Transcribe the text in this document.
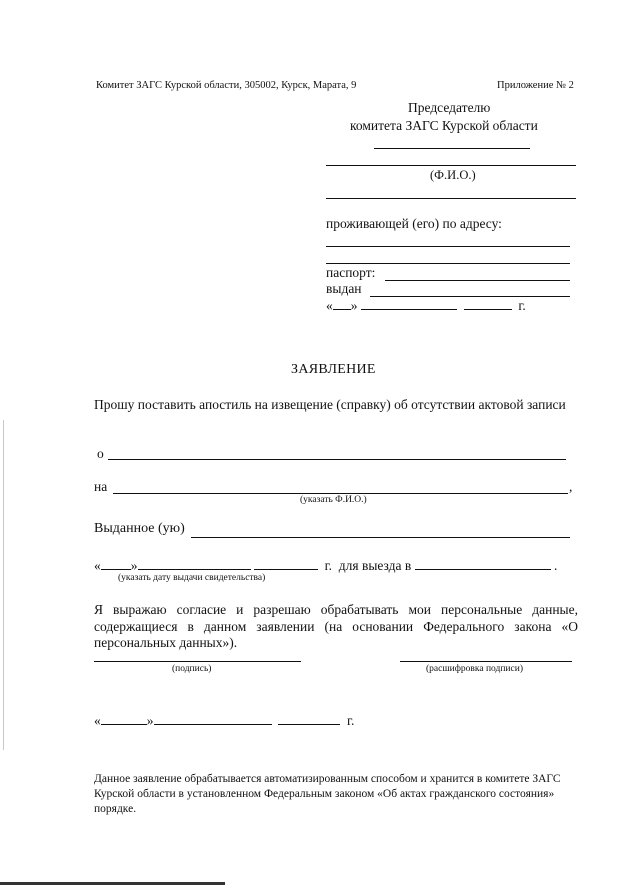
Комитет ЗАГС Курской области, 305002, Курск, Марата, 9	Приложение № 2
Председателю
комитета ЗАГС Курской области
(Ф.И.О.)
проживающей (его) по адресу:
паспорт:
выдан
« »	г.
ЗАЯВЛЕНИЕ
Прошу поставить апостиль на извещение (справку) об отсутствии актовой записи
о
на	,
(указать Ф.И.О.)
Выданное (ую)
« »	г. для выезда в	.
(указать дату выдачи свидетельства)
Я выражаю согласие и разрешаю обрабатывать мои персональные данные, содержащиеся в данном заявлении (на основании Федерального закона «О персональных данных»).
(подпись)	(расшифровка подписи)
«	»	г.
Данное заявление обрабатывается автоматизированным способом и хранится в комитете ЗАГС Курской области в установленном Федеральным законом «Об актах гражданского состояния» порядке.
